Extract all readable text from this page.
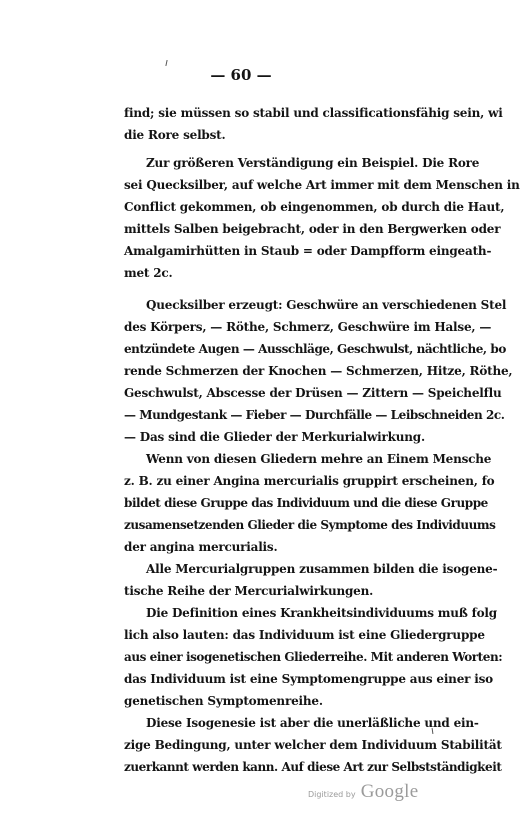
— 60 —
find; sie müssen so stabil und classificationsfähig sein, wi
die Rore selbst.
Zur größeren Verständigung ein Beispiel. Die Rore
sei Quecksilber, auf welche Art immer mit dem Menschen in
Conflict gekommen, ob eingenommen, ob durch die Haut,
mittels Salben beigebracht, oder in den Bergwerken oder
Amalgamirhütten in Staub = oder Dampfform eingeath-
met 2c.
Quecksilber erzeugt: Geschwüre an verschiedenen Stel
des Körpers, — Röthe, Schmerz, Geschwüre im Halse, —
entzündete Augen — Ausschläge, Geschwulst, nächtliche, bo
rende Schmerzen der Knochen — Schmerzen, Hitze, Röthe,
Geschwulst, Abscesse der Drüsen — Zittern — Speichelflu
— Mundgestank — Fieber — Durchfälle — Leibschneiden 2c.
— Das sind die Glieder der Merkurialwirkung.
Wenn von diesen Gliedern mehre an Einem Mensche
z. B. zu einer Angina mercurialis gruppirt erscheinen, fo
bildet diese Gruppe das Individuum und die diese Gruppe
zusamensetzenden Glieder die Symptome des Individuums
der angina mercurialis.
Alle Mercurialgruppen zusammen bilden die isogene-
tische Reihe der Mercurialwirkungen.
Die Definition eines Krankheitsindividuums muß folg
lich also lauten: das Individuum ist eine Gliedergruppe
aus einer isogenetischen Gliederreihe. Mit anderen Worten:
das Individuum ist eine Symptomengruppe aus einer iso
genetischen Symptomenreihe.
Diese Isogenesie ist aber die unerläßliche und ein-
zige Bedingung, unter welcher dem Individuum Stabilität
zuerkannt werden kann. Auf diese Art zur Selbstständigkeit
Digitized by Google
